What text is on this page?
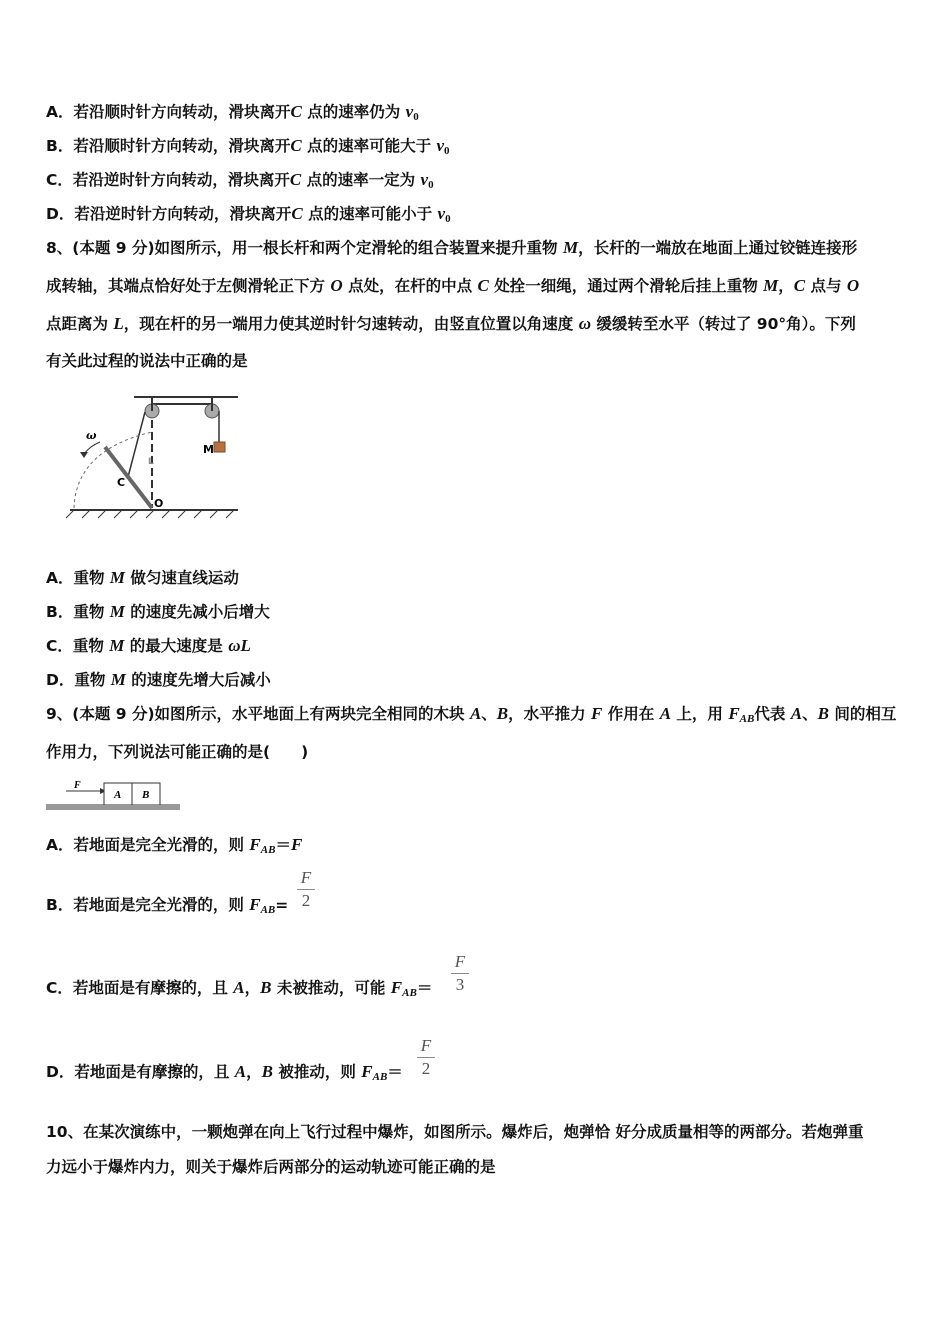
A．若沿顺时针方向转动，滑块离开C 点的速率仍为 v0
B．若沿顺时针方向转动，滑块离开C 点的速率可能大于 v0
C．若沿逆时针方向转动，滑块离开C 点的速率一定为 v0
D．若沿逆时针方向转动，滑块离开C 点的速率可能小于 v0
8、(本题 9 分)如图所示，用一根长杆和两个定滑轮的组合装置来提升重物 M，长杆的一端放在地面上通过铰链连接形
成转轴，其端点恰好处于左侧滑轮正下方 O 点处，在杆的中点 C 处拴一细绳，通过两个滑轮后挂上重物 M，C 点与 O
点距离为 L，现在杆的另一端用力使其逆时针匀速转动，由竖直位置以角速度 ω 缓缓转至水平（转过了 90°角）。下列
有关此过程的说法中正确的是
ω
C
O
M
L
A．重物 M 做匀速直线运动
B．重物 M 的速度先减小后增大
C．重物 M 的最大速度是 ωL
D．重物 M 的速度先增大后减小
9、(本题 9 分)如图所示，水平地面上有两块完全相同的木块 A、B，水平推力 F 作用在 A 上，用 $F_{AB}$代表 A、B 间的相互
作用力，下列说法可能正确的是(　　)
F
A B
A．若地面是完全光滑的，则 $F_{AB}=F$
B．若地面是完全光滑的，则 $F_{AB}= \frac{F}{2}$
C．若地面是有摩擦的，且 A，B 未被推动，可能 $F_{AB}= \frac{F}{3}$
D．若地面是有摩擦的，且 A，B 被推动，则 $F_{AB}= \frac{F}{2}$
10、在某次演练中，一颗炮弹在向上飞行过程中爆炸，如图所示。爆炸后，炮弹恰 好分成质量相等的两部分。若炮弹重
力远小于爆炸内力，则关于爆炸后两部分的运动轨迹可能正确的是
